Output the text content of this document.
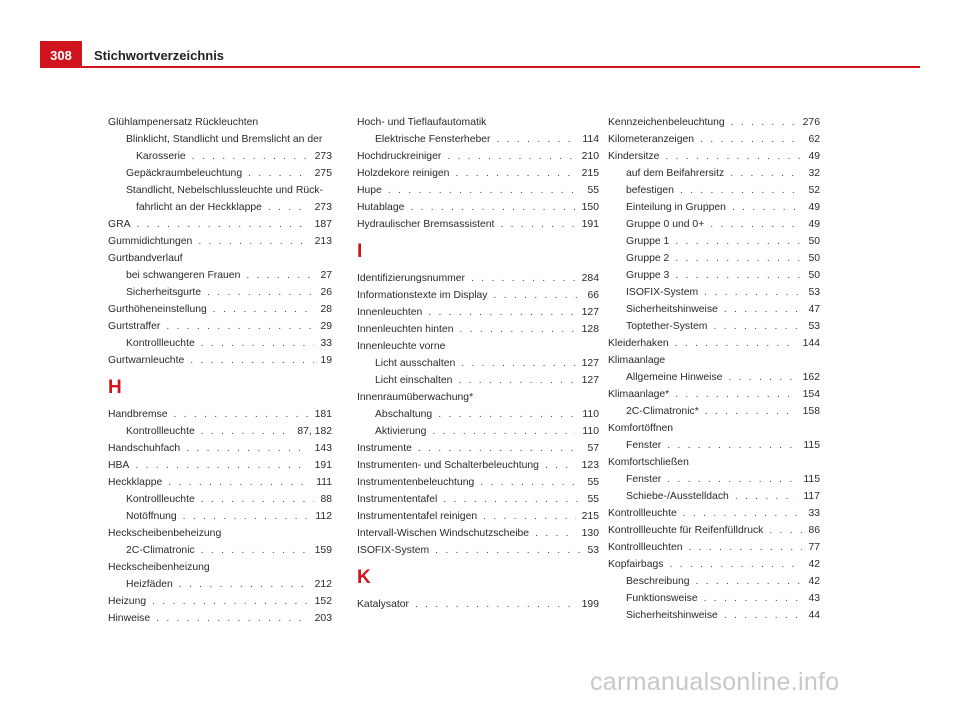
308	Stichwortverzeichnis
Glühlampenersatz Rückleuchten
Blinklicht, Standlicht und Bremslicht an der
Karosserie . . .	273
Gepäckraumbeleuchtung . . .	275
Standlicht, Nebelschlussleuchte und Rück-
fahrlicht an der Heckklappe . . .	273
GRA . . .	187
Gummidichtungen . . .	213
Gurtbandverlauf
bei schwangeren Frauen . . .	27
Sicherheitsgurte . . .	26
Gurthöheneinstellung . . .	28
Gurtstraffer . . .	29
Kontrollleuchte . . .	33
Gurtwarnleuchte . . .	19
H
Handbremse . . .	181
Kontrollleuchte . . .	87, 182
Handschuhfach . . .	143
HBA . . .	191
Heckklappe . . .	111
Kontrollleuchte . . .	88
Notöffnung . . .	112
Heckscheibenbeheizung
2C-Climatronic . . .	159
Heckscheibenheizung
Heizfäden . . .	212
Heizung . . .	152
Hinweise . . .	203
Hoch- und Tieflaufautomatik
Elektrische Fensterheber . . .	114
Hochdruckreiniger . . .	210
Holzdekore reinigen . . .	215
Hupe . . .	55
Hutablage . . .	150
Hydraulischer Bremsassistent . . .	191
I
Identifizierungsnummer . . .	284
Informationstexte im Display . . .	66
Innenleuchten . . .	127
Innenleuchten hinten . . .	128
Innenleuchte vorne
Licht ausschalten . . .	127
Licht einschalten . . .	127
Innenraumüberwachung*
Abschaltung . . .	110
Aktivierung . . .	110
Instrumente . . .	57
Instrumenten- und Schalterbeleuchtung . . .	123
Instrumentenbeleuchtung . . .	55
Instrumententafel . . .	55
Instrumententafel reinigen . . .	215
Intervall-Wischen Windschutzscheibe . . .	130
ISOFIX-System . . .	53
K
Katalysator . . .	199
Kennzeichenbeleuchtung . . .	276
Kilometeranzeigen . . .	62
Kindersitze . . .	49
auf dem Beifahrersitz . . .	32
befestigen . . .	52
Einteilung in Gruppen . . .	49
Gruppe 0 und 0+ . . .	49
Gruppe 1 . . .	50
Gruppe 2 . . .	50
Gruppe 3 . . .	50
ISOFIX-System . . .	53
Sicherheitshinweise . . .	47
Toptether-System . . .	53
Kleiderhaken . . .	144
Klimaanlage
Allgemeine Hinweise . . .	162
Klimaanlage* . . .	154
2C-Climatronic* . . .	158
Komfortöffnen
Fenster . . .	115
Komfortschließen
Fenster . . .	115
Schiebe-/Ausstelldach . . .	117
Kontrollleuchte . . .	33
Kontrollleuchte für Reifenfülldruck . . .	86
Kontrollleuchten . . .	77
Kopfairbags . . .	42
Beschreibung . . .	42
Funktionsweise . . .	43
Sicherheitshinweise . . .	44
carmanualsonline.info
